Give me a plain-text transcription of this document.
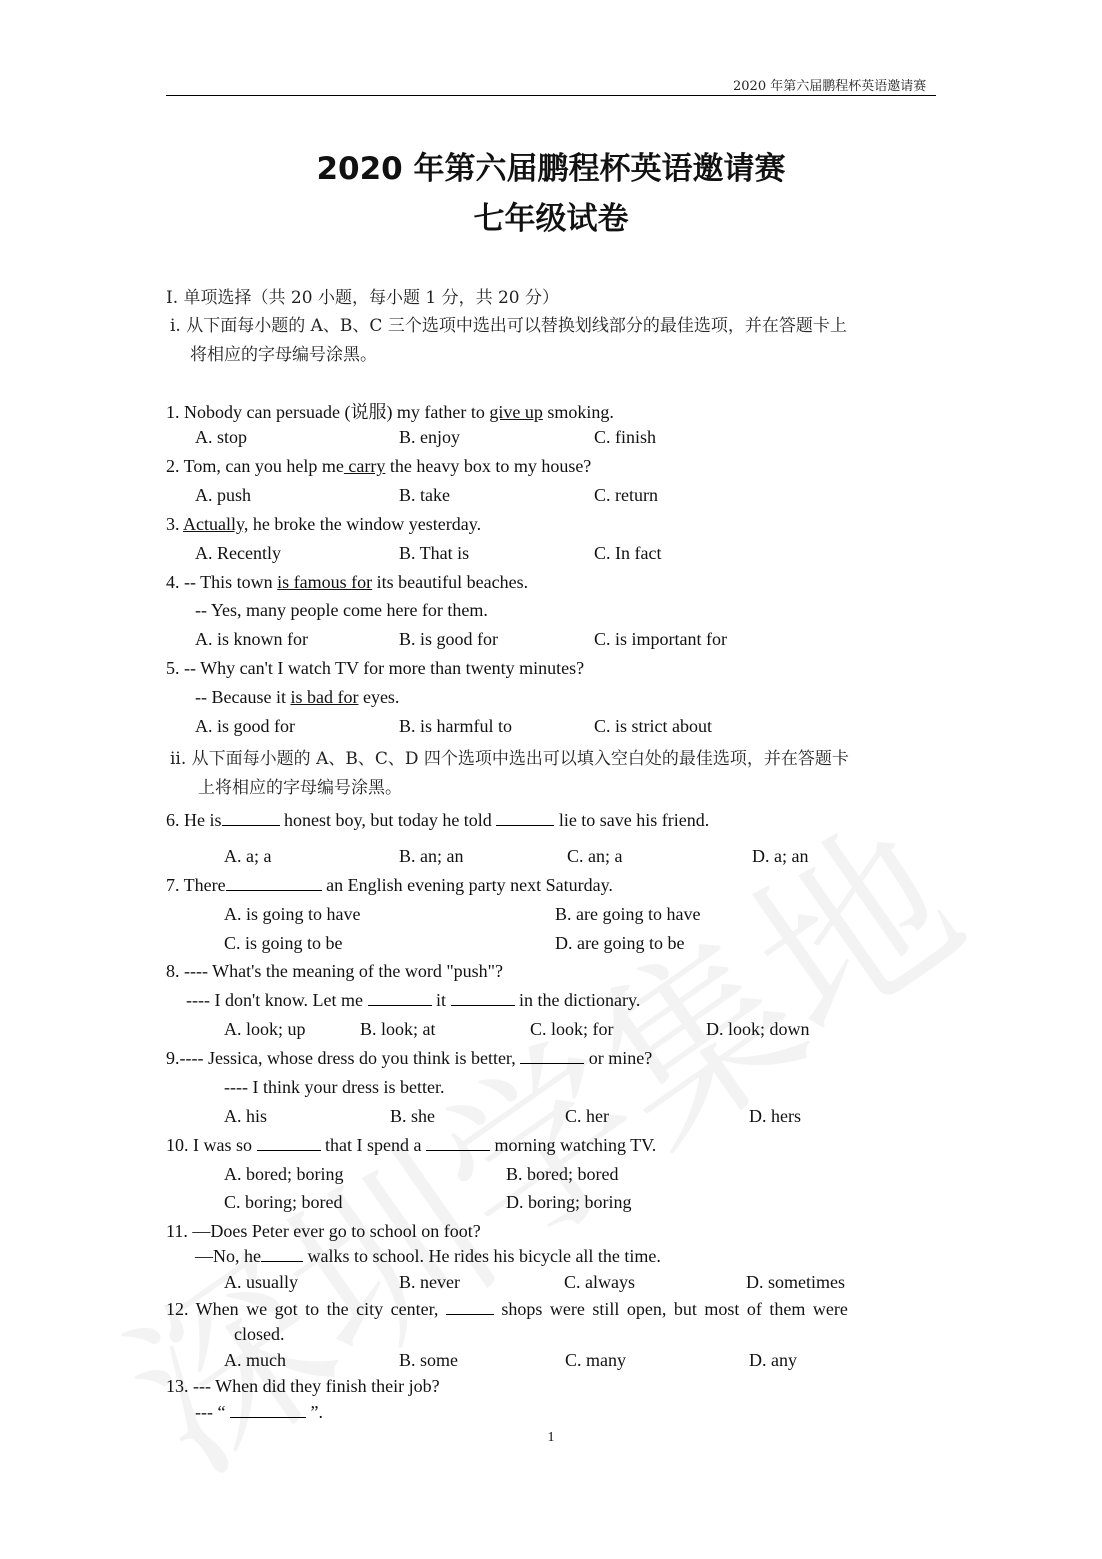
2020 年第六届鹏程杯英语邀请赛
2020 年第六届鹏程杯英语邀请赛
七年级试卷
I. 单项选择（共 20 小题，每小题 1 分，共 20 分）
i. 从下面每小题的 A、B、C 三个选项中选出可以替换划线部分的最佳选项，并在答题卡上
将相应的字母编号涂黑。
1. Nobody can persuade (说服) my father to give up smoking.
A. stop	B. enjoy	C. finish
2. Tom, can you help me carry the heavy box to my house?
A. push	B. take	C. return
3. Actually, he broke the window yesterday.
A. Recently	B. That is	C. In fact
4. -- This town is famous for its beautiful beaches.
-- Yes, many people come here for them.
A. is known for	B. is good for	C. is important for
5. -- Why can't I watch TV for more than twenty minutes?
-- Because it is bad for eyes.
A. is good for	B. is harmful to	C. is strict about
ii. 从下面每小题的 A、B、C、D 四个选项中选出可以填入空白处的最佳选项，并在答题卡
上将相应的字母编号涂黑。
6. He is	honest boy, but today he told	lie to save his friend.
A. a; a	B. an; an	C. an; a	D. a; an
7. There	an English evening party next Saturday.
A. is going to have	B. are going to have
C. is going to be	D. are going to be
8. ---- What's the meaning of the word "push"?
---- I don't know. Let me	it	in the dictionary.
A. look; up	B. look; at	C. look; for	D. look; down
9.---- Jessica, whose dress do you think is better,	or mine?
---- I think your dress is better.
A. his	B. she	C. her	D. hers
10. I was so	that I spend a	morning watching TV.
A. bored; boring	B. bored; bored
C. boring; bored	D. boring; boring
11. —Does Peter ever go to school on foot?
—No, he walks to school. He rides his bicycle all the time.
A. usually	B. never	C. always	D. sometimes
12. When we got to the city center,	shops were still open, but most of them were
closed.
A. much	B. some	C. many	D. any
13. --- When did they finish their job?
--- “	”.
1
